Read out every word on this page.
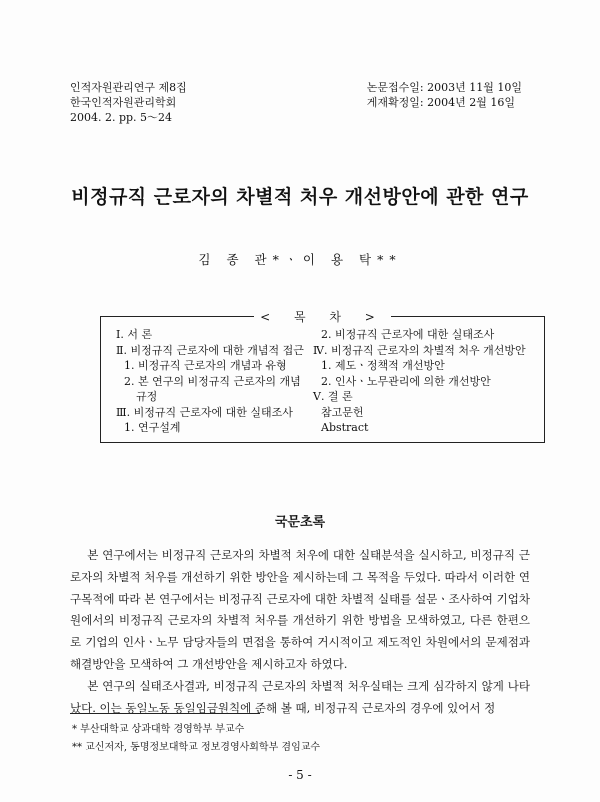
인적자원관리연구 제8집
한국인적자원관리학회
2004. 2. pp. 5～24
논문접수일: 2003년 11월 10일
게재확정일: 2004년 2월 16일
비정규직 근로자의 차별적 처우 개선방안에 관한 연구
김 종 관*ㆍ이 용 탁**
< 목 차 >
Ⅰ. 서 론
Ⅱ. 비정규직 근로자에 대한 개념적 접근
1. 비정규직 근로자의 개념과 유형
2. 본 연구의 비정규직 근로자의 개념
규정
Ⅲ. 비정규직 근로자에 대한 실태조사
1. 연구설계
2. 비정규직 근로자에 대한 실태조사
Ⅳ. 비정규직 근로자의 차별적 처우 개선방안
1. 제도ㆍ정책적 개선방안
2. 인사ㆍ노무관리에 의한 개선방안
Ⅴ. 결 론
참고문헌
Abstract
국문초록

본 연구에서는 비정규직 근로자의 차별적 처우에 대한 실태분석을 실시하고, 비정규직 근로자의 차별적 처우를 개선하기 위한 방안을 제시하는데 그 목적을 두었다. 따라서 이러한 연구목적에 따라 본 연구에서는 비정규직 근로자에 대한 차별적 실태를 설문ㆍ조사하여 기업차원에서의 비정규직 근로자의 차별적 처우를 개선하기 위한 방법을 모색하였고, 다른 한편으로 기업의 인사ㆍ노무 담당자들의 면접을 통하여 거시적이고 제도적인 차원에서의 문제점과 해결방안을 모색하여 그 개선방안을 제시하고자 하였다.

본 연구의 실태조사결과, 비정규직 근로자의 차별적 처우실태는 크게 심각하지 않게 나타났다. 이는 동일노동 동일임금원칙에 준해 볼 때, 비정규직 근로자의 경우에 있어서 정

* 부산대학교 상과대학 경영학부 부교수
** 교신저자, 동명정보대학교 정보경영사회학부 겸임교수
- 5 -
